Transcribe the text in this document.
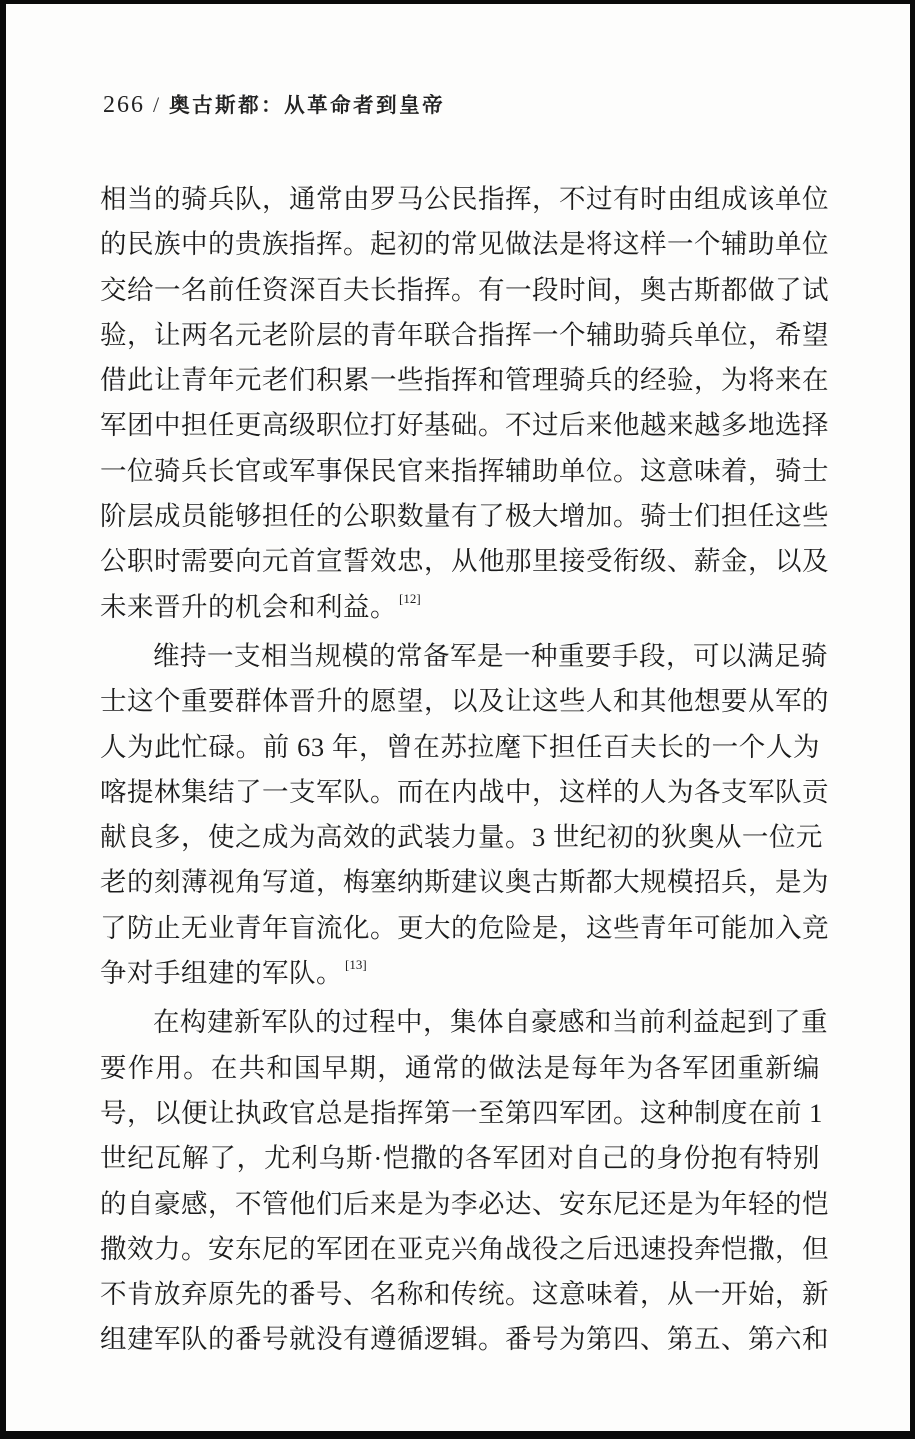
266 / 奥古斯都：从革命者到皇帝
相当的骑兵队，通常由罗马公民指挥，不过有时由组成该单位
的民族中的贵族指挥。起初的常见做法是将这样一个辅助单位
交给一名前任资深百夫长指挥。有一段时间，奥古斯都做了试
验，让两名元老阶层的青年联合指挥一个辅助骑兵单位，希望
借此让青年元老们积累一些指挥和管理骑兵的经验，为将来在
军团中担任更高级职位打好基础。不过后来他越来越多地选择
一位骑兵长官或军事保民官来指挥辅助单位。这意味着，骑士
阶层成员能够担任的公职数量有了极大增加。骑士们担任这些
公职时需要向元首宣誓效忠，从他那里接受衔级、薪金，以及
未来晋升的机会和利益。 [12]
维持一支相当规模的常备军是一种重要手段，可以满足骑
士这个重要群体晋升的愿望，以及让这些人和其他想要从军的
人为此忙碌。前 63 年，曾在苏拉麾下担任百夫长的一个人为
喀提林集结了一支军队。而在内战中，这样的人为各支军队贡
献良多，使之成为高效的武装力量。3 世纪初的狄奥从一位元
老的刻薄视角写道，梅塞纳斯建议奥古斯都大规模招兵，是为
了防止无业青年盲流化。更大的危险是，这些青年可能加入竞
争对手组建的军队。 [13]
在构建新军队的过程中，集体自豪感和当前利益起到了重
要作用。在共和国早期，通常的做法是每年为各军团重新编
号，以便让执政官总是指挥第一至第四军团。这种制度在前 1
世纪瓦解了，尤利乌斯·恺撒的各军团对自己的身份抱有特别
的自豪感，不管他们后来是为李必达、安东尼还是为年轻的恺
撒效力。安东尼的军团在亚克兴角战役之后迅速投奔恺撒，但
不肯放弃原先的番号、名称和传统。这意味着，从一开始，新
组建军队的番号就没有遵循逻辑。番号为第四、第五、第六和
